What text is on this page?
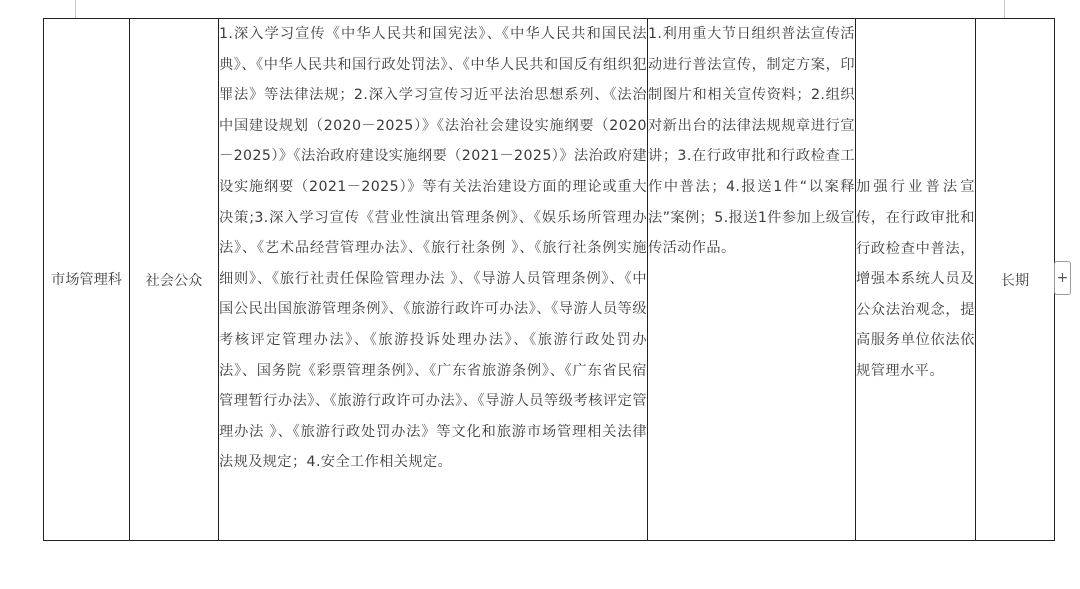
市场管理科	社会公众	1.深入学习宣传《中华人民共和国宪法》、《中华人民共和国民法典》、《中华人民共和国行政处罚法》、《中华人民共和国反有组织犯罪法》等法律法规；2.深入学习宣传习近平法治思想系列、《法治中国建设规划（2020－2025）》《法治社会建设实施纲要（2020－2025）》《法治政府建设实施纲要（2021－2025）》法治政府建设实施纲要（2021－2025）》等有关法治建设方面的理论或重大决策;3.深入学习宣传《营业性演出管理条例》、《娱乐场所管理办法》、《艺术品经营管理办法》、《旅行社条例 》、《旅行社条例实施细则》、《旅行社责任保险管理办法 》、《导游人员管理条例》、《中国公民出国旅游管理条例》、《旅游行政许可办法》、《导游人员等级考核评定管理办法》、《旅游投诉处理办法》、《旅游行政处罚办法》、国务院《彩票管理条例》、《广东省旅游条例》、《广东省民宿管理暂行办法》、《旅游行政许可办法》、《导游人员等级考核评定管理办法 》、《旅游行政处罚办法》等文化和旅游市场管理相关法律法规及规定；4.安全工作相关规定。	1.利用重大节日组织普法宣传活动进行普法宣传，制定方案，印制图片和相关宣传资料；2.组织对新出台的法律法规规章进行宣讲；3.在行政审批和行政检查工作中普法；4.报送1件“以案释法”案例；5.报送1件参加上级宣传活动作品。	加强行业普法宣传，在行政审批和行政检查中普法，增强本系统人员及公众法治观念，提高服务单位依法依规管理水平。	长期 +
